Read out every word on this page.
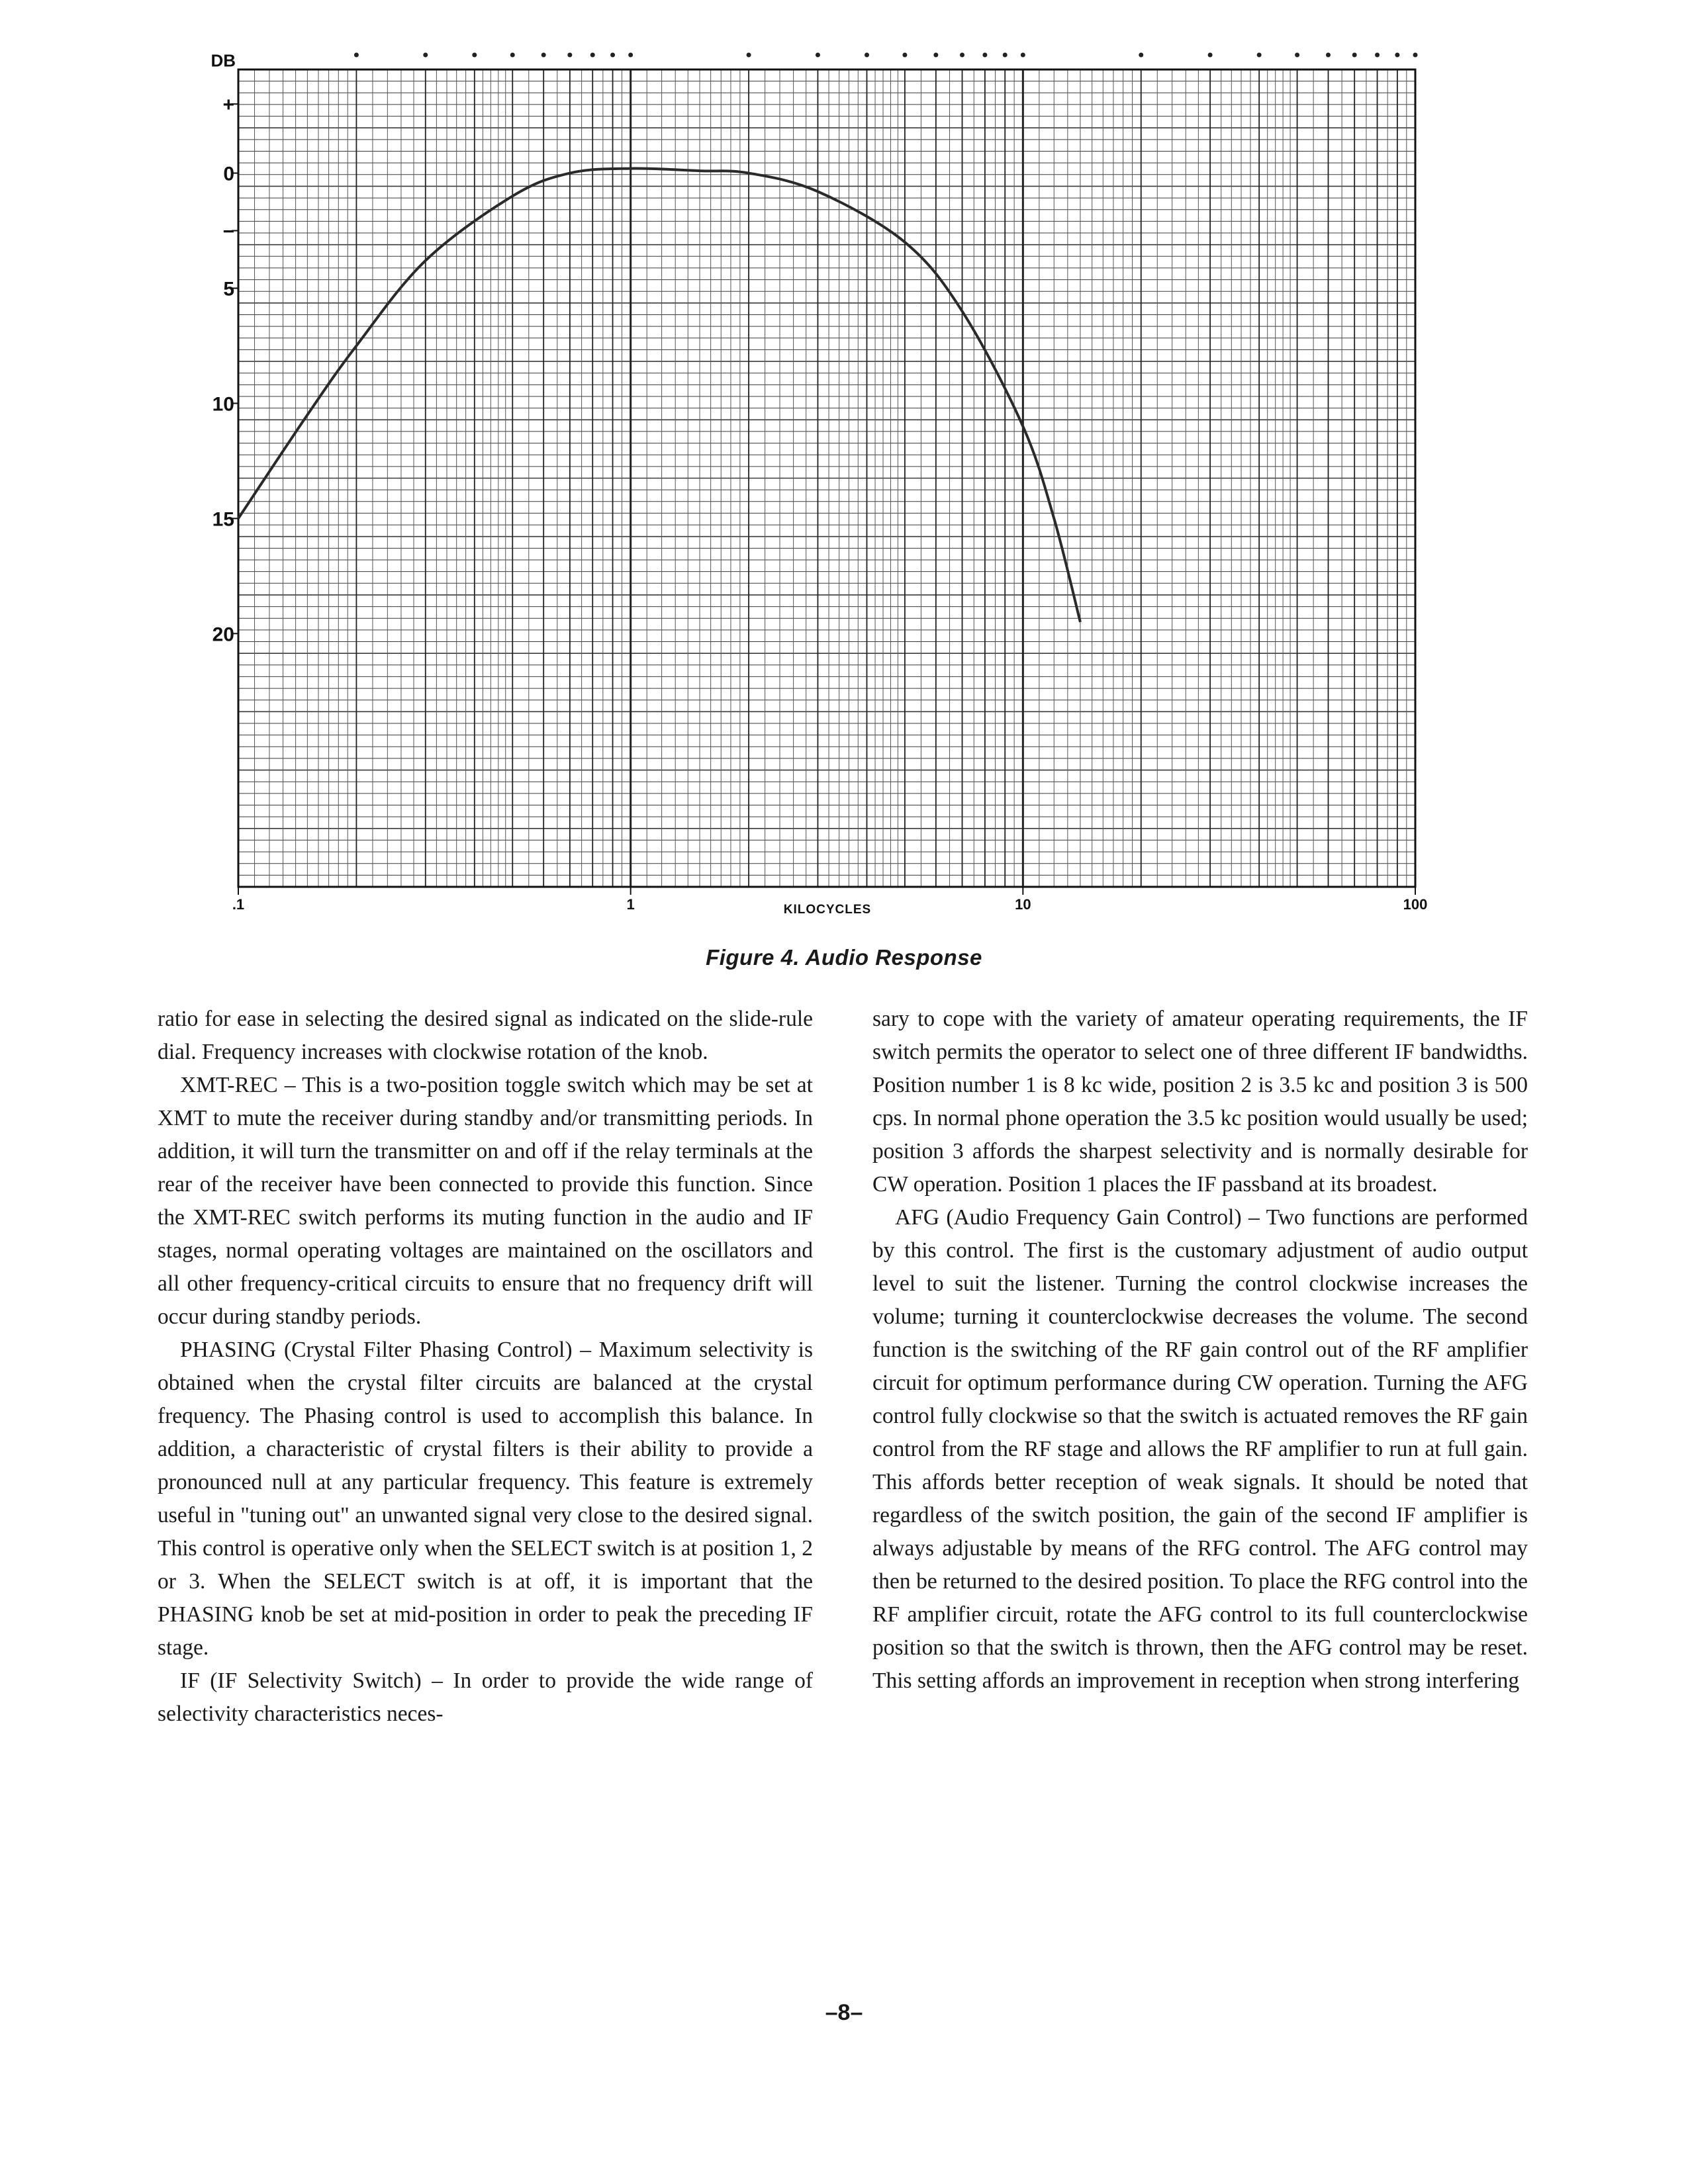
+
0
−
5
10
15
20
DB
.1	1	10	100
KILOCYCLES
Figure 4. Audio Response

ratio for ease in selecting the desired signal as indicated on the slide-rule dial. Frequency increases with clockwise rotation of the knob.

XMT-REC – This is a two-position toggle switch which may be set at XMT to mute the receiver during standby and/or transmitting periods. In addition, it will turn the transmitter on and off if the relay terminals at the rear of the receiver have been connected to provide this function. Since the XMT-REC switch performs its muting function in the audio and IF stages, normal operating voltages are maintained on the oscillators and all other frequency-critical circuits to ensure that no frequency drift will occur during standby periods.

PHASING (Crystal Filter Phasing Control) – Maximum selectivity is obtained when the crystal filter circuits are balanced at the crystal frequency. The Phasing control is used to accomplish this balance. In addition, a characteristic of crystal filters is their ability to provide a pronounced null at any particular frequency. This feature is extremely useful in "tuning out" an unwanted signal very close to the desired signal. This control is operative only when the SELECT switch is at position 1, 2 or 3. When the SELECT switch is at off, it is important that the PHASING knob be set at mid-position in order to peak the preceding IF stage.

IF (IF Selectivity Switch) – In order to provide the wide range of selectivity characteristics neces-

sary to cope with the variety of amateur operating requirements, the IF switch permits the operator to select one of three different IF bandwidths. Position number 1 is 8 kc wide, position 2 is 3.5 kc and position 3 is 500 cps. In normal phone operation the 3.5 kc position would usually be used; position 3 affords the sharpest selectivity and is normally desirable for CW operation. Position 1 places the IF passband at its broadest.

AFG (Audio Frequency Gain Control) – Two functions are performed by this control. The first is the customary adjustment of audio output level to suit the listener. Turning the control clockwise increases the volume; turning it counterclockwise decreases the volume. The second function is the switching of the RF gain control out of the RF amplifier circuit for optimum performance during CW operation. Turning the AFG control fully clockwise so that the switch is actuated removes the RF gain control from the RF stage and allows the RF amplifier to run at full gain. This affords better reception of weak signals. It should be noted that regardless of the switch position, the gain of the second IF amplifier is always adjustable by means of the RFG control. The AFG control may then be returned to the desired position. To place the RFG control into the RF amplifier circuit, rotate the AFG control to its full counterclockwise position so that the switch is thrown, then the AFG control may be reset. This setting affords an improvement in reception when strong interfering

–8–
